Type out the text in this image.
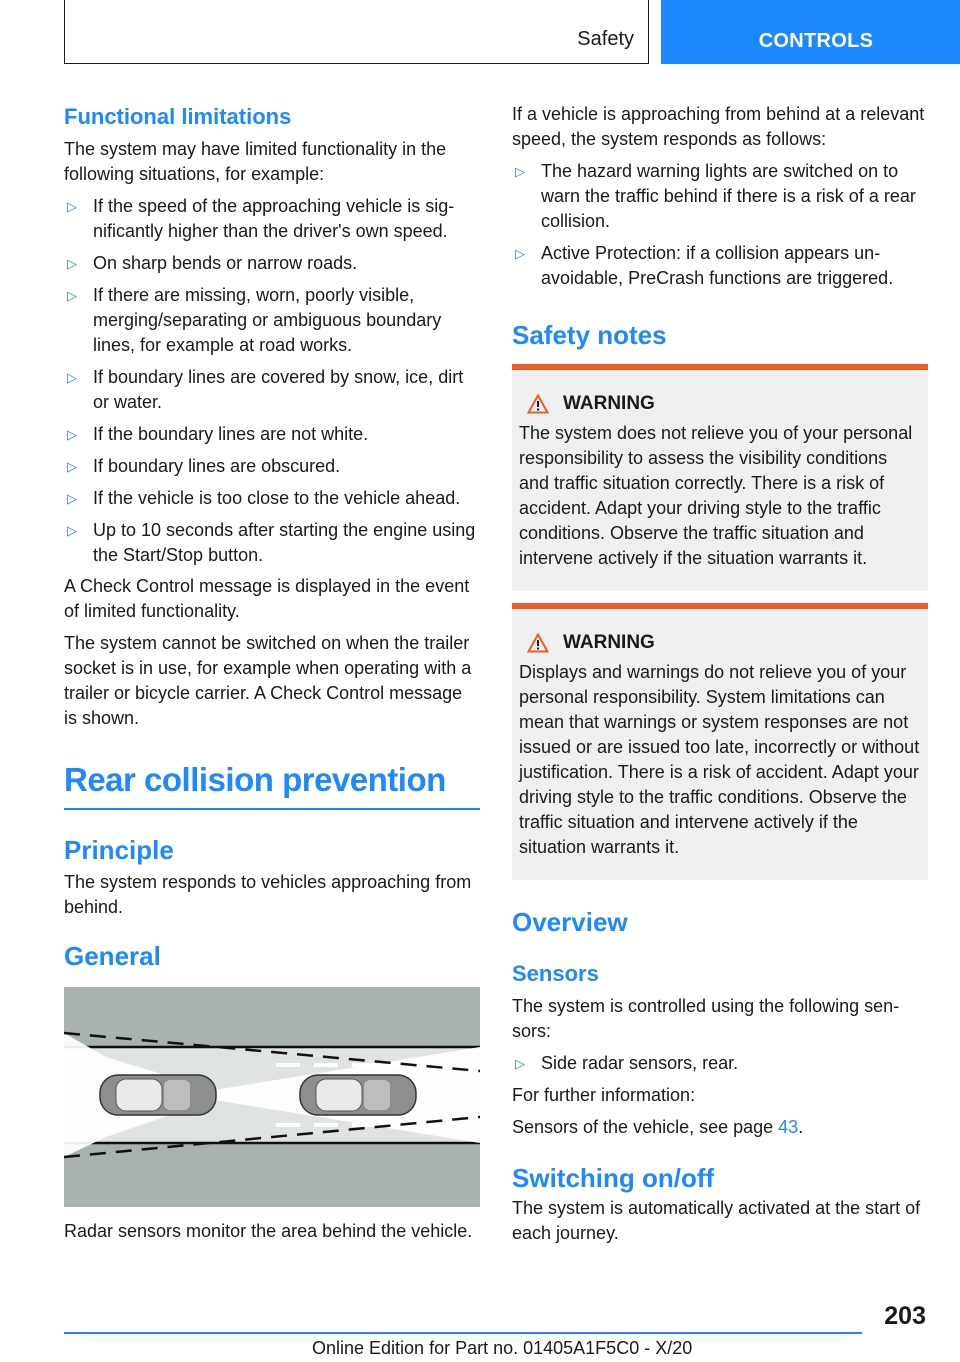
Safety	CONTROLS
Functional limitations

The system may have limited functionality in the following situations, for example:

▷ If the speed of the approaching vehicle is significantly higher than the driver's own speed.
▷ On sharp bends or narrow roads.
▷ If there are missing, worn, poorly visible, merging/separating or ambiguous boundary lines, for example at road works.
▷ If boundary lines are covered by snow, ice, dirt or water.
▷ If the boundary lines are not white.
▷ If boundary lines are obscured.
▷ If the vehicle is too close to the vehicle ahead.
▷ Up to 10 seconds after starting the engine using the Start/Stop button.

A Check Control message is displayed in the event of limited functionality.

The system cannot be switched on when the trailer socket is in use, for example when operating with a trailer or bicycle carrier. A Check Control message is shown.

Rear collision prevention
Principle

The system responds to vehicles approaching from behind.

General

Radar sensors monitor the area behind the vehicle.

If a vehicle is approaching from behind at a relevant speed, the system responds as follows:

▷ The hazard warning lights are switched on to warn the traffic behind if there is a risk of a rear collision.
▷ Active Protection: if a collision appears unavoidable, PreCrash functions are triggered.
Safety notes
WARNING

The system does not relieve you of your personal responsibility to assess the visibility conditions and traffic situation correctly. There is a risk of accident. Adapt your driving style to the traffic conditions. Observe the traffic situation and intervene actively if the situation warrants it.

WARNING

Displays and warnings do not relieve you of your personal responsibility. System limitations can mean that warnings or system responses are not issued or are issued too late, incorrectly or without justification. There is a risk of accident. Adapt your driving style to the traffic conditions. Observe the traffic situation and intervene actively if the situation warrants it.

Overview
Sensors

The system is controlled using the following sensors:

▷ Side radar sensors, rear.

For further information:

Sensors of the vehicle, see page 43.

Switching on/off

The system is automatically activated at the start of each journey.

203
Online Edition for Part no. 01405A1F5C0 - X/20
